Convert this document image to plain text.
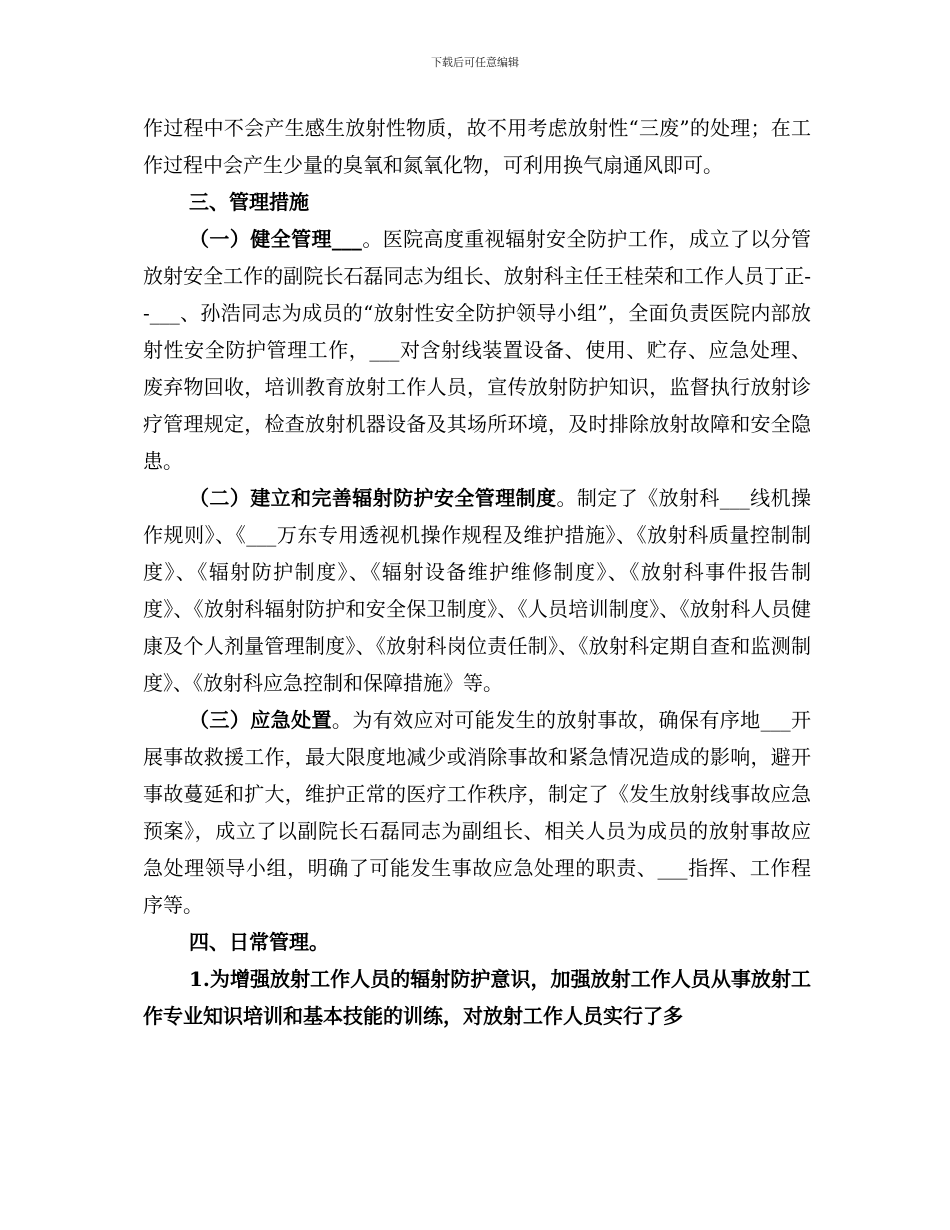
下载后可任意编辑

作过程中不会产生感生放射性物质，故不用考虑放射性“三废”的处理；在工作过程中会产生少量的臭氧和氮氧化物，可利用换气扇通风即可。

三、管理措施

（一）健全管理___。医院高度重视辐射安全防护工作，成立了以分管放射安全工作的副院长石磊同志为组长、放射科主任王桂荣和工作人员丁正--___、孙浩同志为成员的“放射性安全防护领导小组”，全面负责医院内部放射性安全防护管理工作，___对含射线装置设备、使用、贮存、应急处理、废弃物回收，培训教育放射工作人员，宣传放射防护知识，监督执行放射诊疗管理规定，检查放射机器设备及其场所环境，及时排除放射故障和安全隐患。

（二）建立和完善辐射防护安全管理制度。制定了《放射科___线机操作规则》、《___万东专用透视机操作规程及维护措施》、《放射科质量控制制度》、《辐射防护制度》、《辐射设备维护维修制度》、《放射科事件报告制度》、《放射科辐射防护和安全保卫制度》、《人员培训制度》、《放射科人员健康及个人剂量管理制度》、《放射科岗位责任制》、《放射科定期自查和监测制度》、《放射科应急控制和保障措施》等。

（三）应急处置。为有效应对可能发生的放射事故，确保有序地___开展事故救援工作，最大限度地减少或消除事故和紧急情况造成的影响，避开事故蔓延和扩大，维护正常的医疗工作秩序，制定了《发生放射线事故应急预案》，成立了以副院长石磊同志为副组长、相关人员为成员的放射事故应急处理领导小组，明确了可能发生事故应急处理的职责、___指挥、工作程序等。

四、日常管理。

1.为增强放射工作人员的辐射防护意识，加强放射工作人员从事放射工作专业知识培训和基本技能的训练，对放射工作人员实行了多
